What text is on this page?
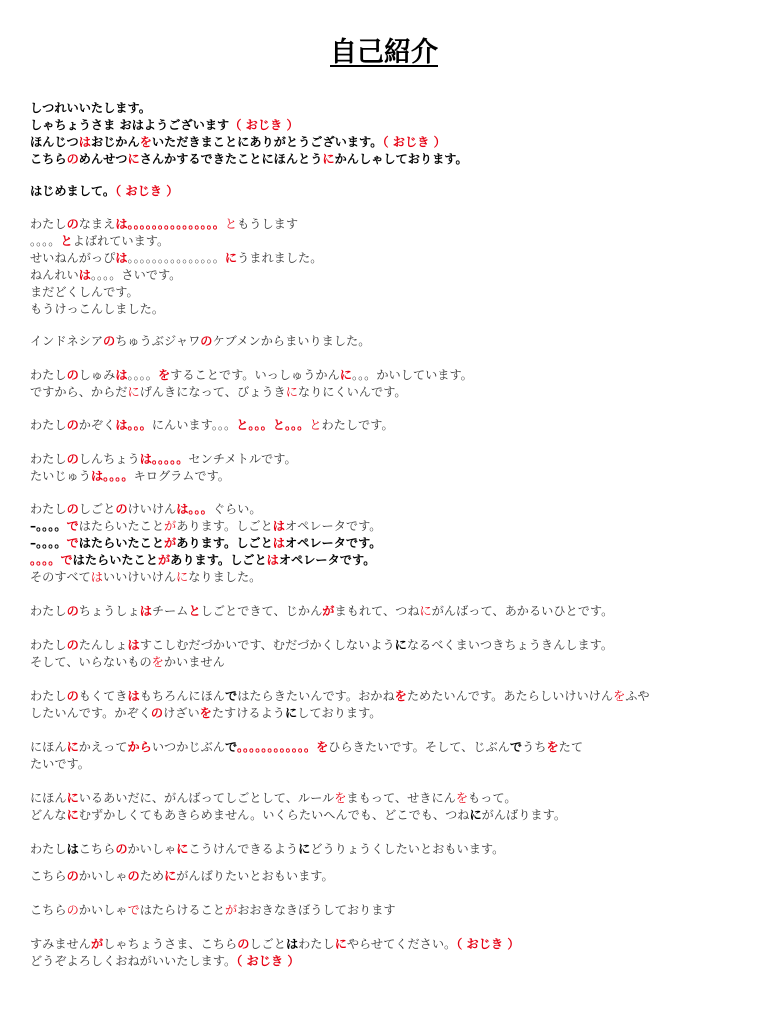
自己紹介
しつれいいたします。
しゃちょうさま おはようございます（ おじき ）
ほんじつはおじかんをいただきまことにありがとうございます。（ おじき ）
こちらのめんせつにさんかするできたことにほんとうにかんしゃしております。
はじめまして。（ おじき ）
わたしのなまえは。。。。。。。。。。。。。。。ともうします
。。。。とよばれています。
せいねんがっぴは。。。。。。。。。。。。。。。にうまれました。
ねんれいは。。。。さいです。
まだどくしんです。
もうけっこんしました。
インドネシアのちゅうぶジャワのケブメンからまいりました。
わたしのしゅみは。。。。をすることです。いっしゅうかんに。。。かいしています。
ですから、からだにげんきになって、びょうきになりにくいんです。
わたしのかぞくは。。。にんいます。。。と。。。と。。。とわたしです。
わたしのしんちょうは。。。。。センチメトルです。
たいじゅうは。。。。キログラムです。
わたしのしごとのけいけんは。。。ぐらい。
–。。。。ではたらいたことがあります。しごとはオペレータです。
–。。。。ではたらいたことがあります。しごとはオペレータです。
。。。。ではたらいたことがあります。しごとはオペレータです。
そのすべてはいいけいけんになりました。
わたしのちょうしょはチームとしごとできて、じかんがまもれて、つねにがんばって、あかるいひとです。
わたしのたんしょはすこしむだづかいです、むだづかくしないようになるべくまいつきちょうきんします。
そして、いらないものをかいません
わたしのもくてきはもちろんにほんではたらきたいんです。おかねをためたいんです。あたらしいけいけんをふや
したいんです。かぞくのけざいをたすけるようにしております。
にほんにかえってからいつかじぶんで。。。。。。。。。。。。をひらきたいです。そして、じぶんでうちをたて
たいです。
にほんにいるあいだに、がんばってしごとして、ルールをまもって、せきにんをもって。
どんなにむずかしくてもあきらめません。いくらたいへんでも、どこでも、つねにがんばります。
わたしはこちらのかいしゃにこうけんできるようにどうりょうくしたいとおもいます。
こちらのかいしゃのためにがんばりたいとおもいます。
こちらのかいしゃではたらけることがおおきなきぼうしております
すみませんがしゃちょうさま、こちらのしごとはわたしにやらせてください。（ おじき ）
どうぞよろしくおねがいいたします。（ おじき ）
